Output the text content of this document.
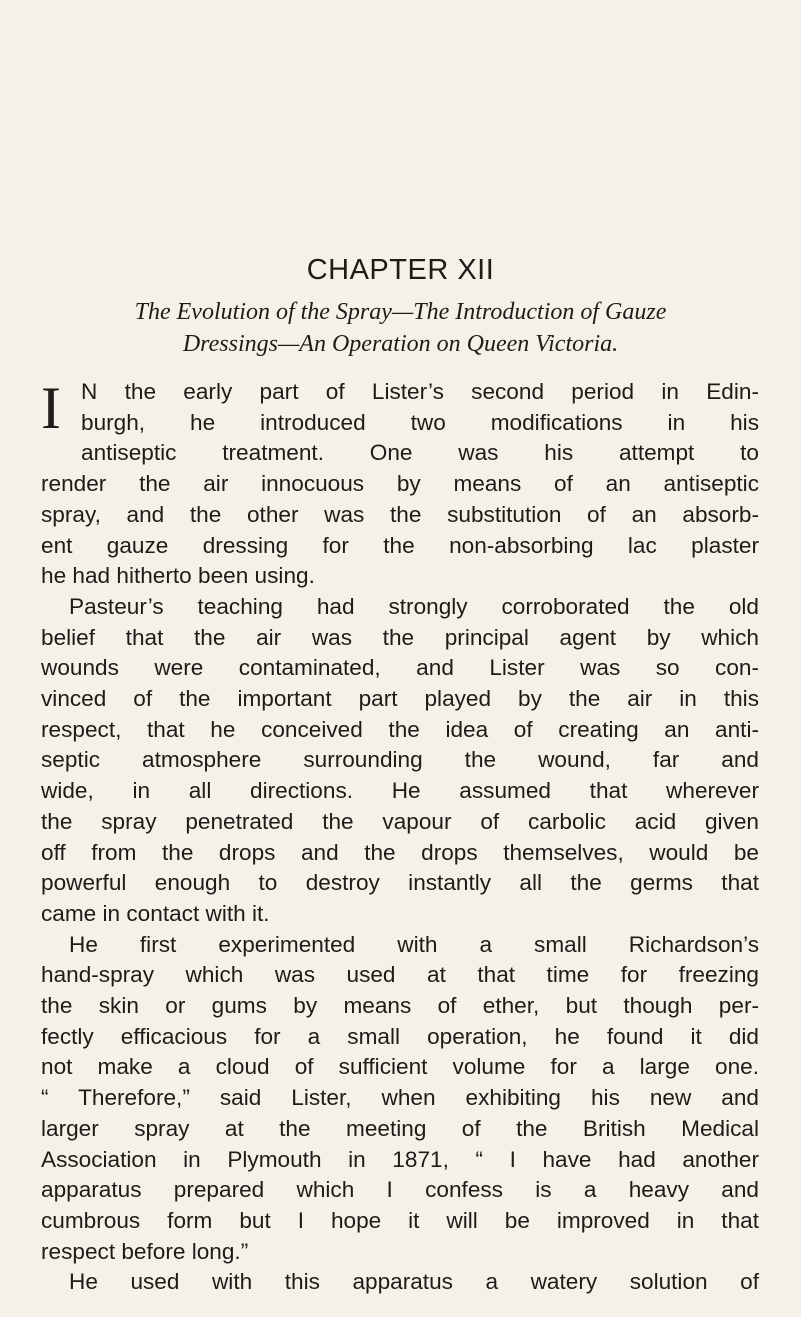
CHAPTER XII
The Evolution of the Spray—The Introduction of Gauze
Dressings—An Operation on Queen Victoria.
I N the early part of Lister’s second period in Edin-
burgh, he introduced two modifications in his
antiseptic treatment. One was his attempt to
render the air innocuous by means of an antiseptic
spray, and the other was the substitution of an absorb-
ent gauze dressing for the non-absorbing lac plaster
he had hitherto been using.
Pasteur’s teaching had strongly corroborated the old
belief that the air was the principal agent by which
wounds were contaminated, and Lister was so con-
vinced of the important part played by the air in this
respect, that he conceived the idea of creating an anti-
septic atmosphere surrounding the wound, far and
wide, in all directions. He assumed that wherever
the spray penetrated the vapour of carbolic acid given
off from the drops and the drops themselves, would be
powerful enough to destroy instantly all the germs that
came in contact with it.
He first experimented with a small Richardson’s
hand-spray which was used at that time for freezing
the skin or gums by means of ether, but though per-
fectly efficacious for a small operation, he found it did
not make a cloud of sufficient volume for a large one.
“ Therefore,” said Lister, when exhibiting his new and
larger spray at the meeting of the British Medical
Association in Plymouth in 1871, “ I have had another
apparatus prepared which I confess is a heavy and
cumbrous form but I hope it will be improved in that
respect before long.”
He used with this apparatus a watery solution of
